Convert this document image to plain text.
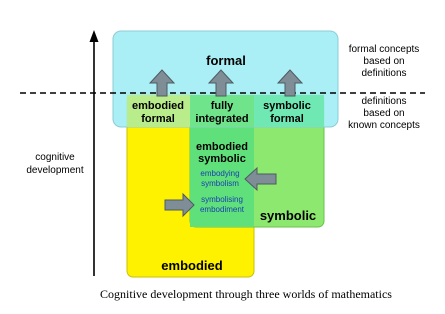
formal
symbolic
embodied
embodied
formal
fully
integrated
symbolic
formal
embodied
symbolic
embodying
symbolism
symbolising
embodiment
cognitive
development
formal concepts
based on
definitions
definitions
based on
known concepts
Cognitive development through three worlds of mathematics
